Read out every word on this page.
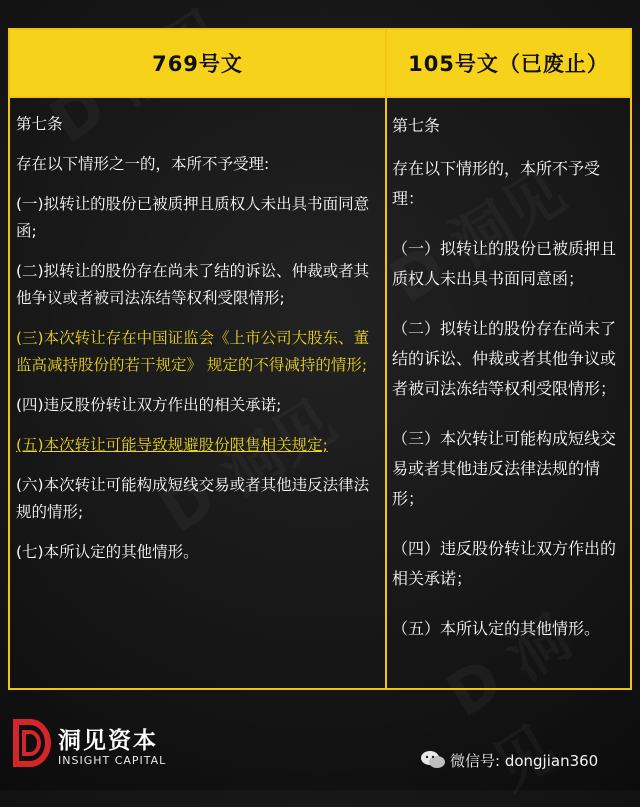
769号文	105号文（已废止）

第七条

存在以下情形之一的，本所不予受理:

(一)拟转让的股份已被质押且质权人未出具书面同意函;

(二)拟转让的股份存在尚未了结的诉讼、仲裁或者其他争议或者被司法冻结等权利受限情形;

(三)本次转让存在中国证监会《上市公司大股东、董监高减持股份的若干规定》 规定的不得减持的情形;

(四)违反股份转让双方作出的相关承诺;

(五)本次转让可能导致规避股份限售相关规定;

(六)本次转让可能构成短线交易或者其他违反法律法规的情形;

(七)本所认定的其他情形。

第七条

存在以下情形的，本所不予受理：

（一）拟转让的股份已被质押且质权人未出具书面同意函；

（二）拟转让的股份存在尚未了结的诉讼、仲裁或者其他争议或者被司法冻结等权利受限情形；

（三）本次转让可能构成短线交易或者其他违反法律法规的情形；

（四）违反股份转让双方作出的相关承诺；

（五）本所认定的其他情形。

洞见资本
INSIGHT CAPITAL	微信号: dongjian360
